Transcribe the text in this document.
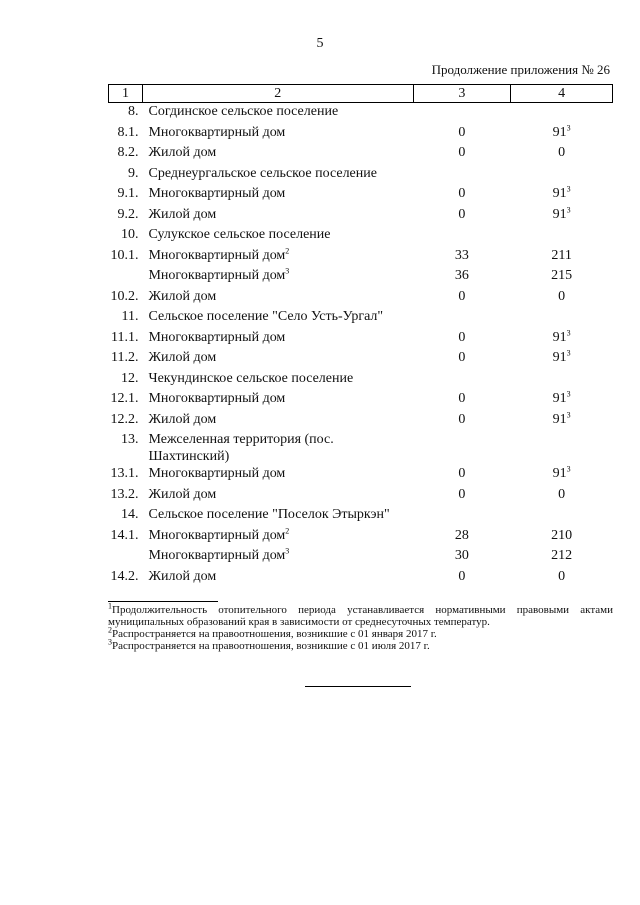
5
Продолжение приложения № 26
1	2	3	4
8.	Согдинское сельское поселение		
8.1.	Многоквартирный дом	0	$91^3$
8.2.	Жилой дом	0	0
9.	Среднеургальское сельское поселение		
9.1.	Многоквартирный дом	0	$91^3$
9.2.	Жилой дом	0	$91^3$
10.	Сулукское сельское поселение		
10.1.	Многоквартирный дом$^2$	33	211
	Многоквартирный дом$^3$	36	215
10.2.	Жилой дом	0	0
11.	Сельское поселение "Село Усть-Ургал"		
11.1.	Многоквартирный дом	0	$91^3$
11.2.	Жилой дом	0	$91^3$
12.	Чекундинское сельское поселение		
12.1.	Многоквартирный дом	0	$91^3$
12.2.	Жилой дом	0	$91^3$
13.	Межселенная территория (пос. Шахтинский)		
13.1.	Многоквартирный дом	0	$91^3$
13.2.	Жилой дом	0	0
14.	Сельское поселение "Поселок Этыркэн"		
14.1.	Многоквартирный дом$^2$	28	210
	Многоквартирный дом$^3$	30	212
14.2.	Жилой дом	0	0

$^1$Продолжительность отопительного периода устанавливается нормативными правовыми актами муниципальных образований края в зависимости от среднесуточных температур.

$^2$Распространяется на правоотношения, возникшие с 01 января 2017 г.

$^3$Распространяется на правоотношения, возникшие с 01 июля 2017 г.
